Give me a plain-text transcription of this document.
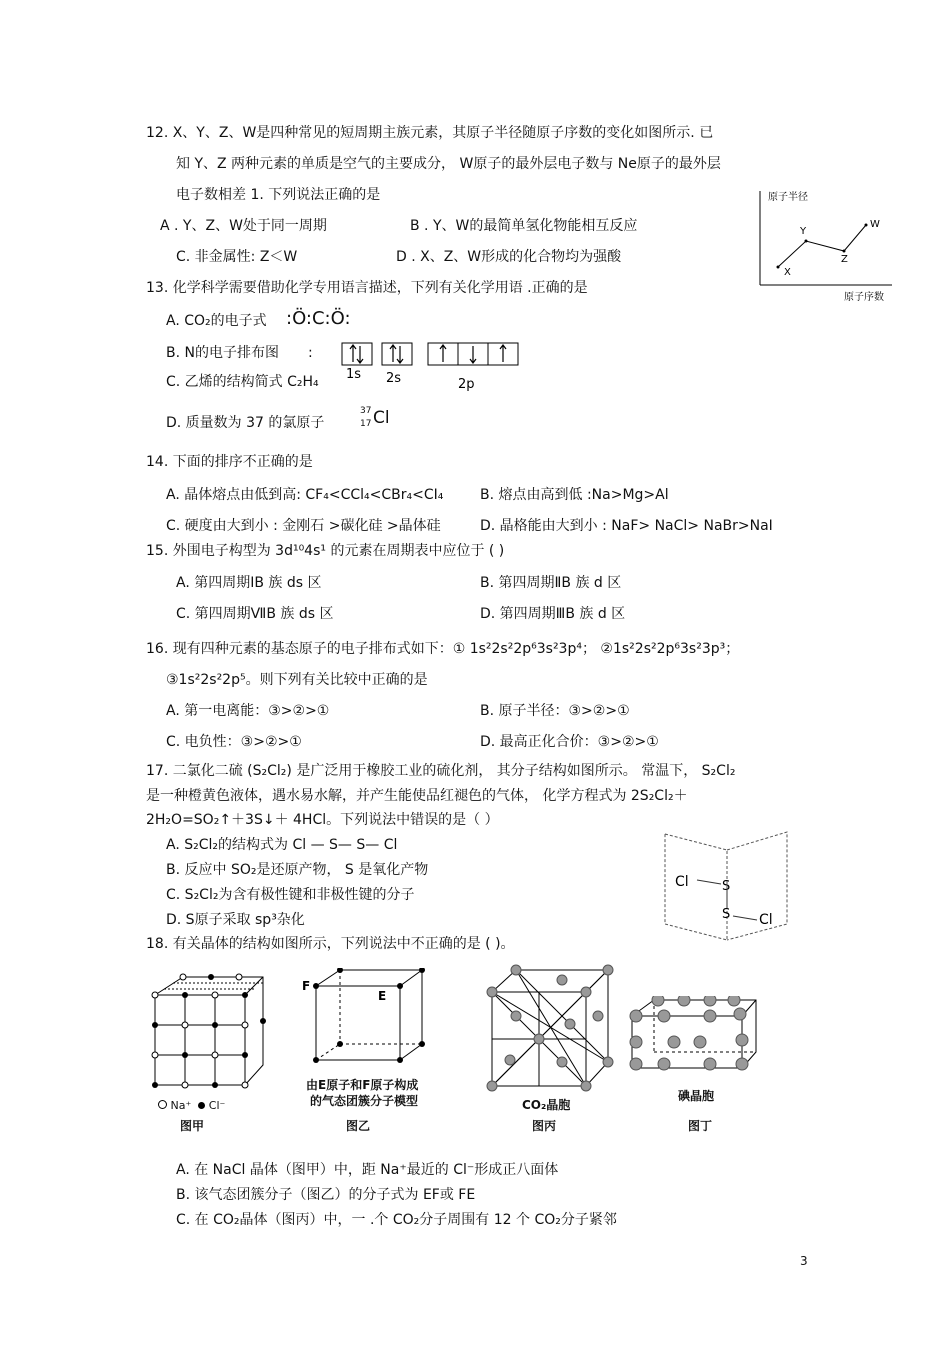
12. X、Y、Z、W是四种常见的短周期主族元素，其原子半径随原子序数的变化如图所示. 已
知 Y、Z 两种元素的单质是空气的主要成分， W原子的最外层电子数与 Ne原子的最外层
电子数相差 1. 下列说法正确的是
A . Y、Z、W处于同一周期	B . Y、W的最简单氢化物能相互反应
C. 非金属性: Z＜W	D . X、Z、W形成的化合物均为强酸
原子半径
原子序数
X
Y
Z
W
13. 化学科学需要借助化学专用语言描述，下列有关化学用语 .正确的是
A. CO₂的电子式 :Ö:C:Ö:
B. N的电子排布图 :
1s 2s	2p
C. 乙烯的结构简式 C₂H₄
D. 质量数为 37 的氯原子
37
17 Cl
14. 下面的排序不正确的是
A. 晶体熔点由低到高: CF₄<CCl₄<CBr₄<CI₄	B. 熔点由高到低 :Na>Mg>Al
C. 硬度由大到小 : 金刚石 >碳化硅 >晶体硅	D. 晶格能由大到小 : NaF> NaCl> NaBr>NaI
15. 外围电子构型为 3d¹⁰4s¹ 的元素在周期表中应位于 ( )
A. 第四周期ⅠB 族 ds 区	B. 第四周期ⅡB 族 d 区
C. 第四周期ⅦB 族 ds 区	D. 第四周期ⅢB 族 d 区
16. 现有四种元素的基态原子的电子排布式如下：① 1s²2s²2p⁶3s²3p⁴； ②1s²2s²2p⁶3s²3p³；
③1s²2s²2p⁵。则下列有关比较中正确的是
A. 第一电离能：③>②>①	B. 原子半径：③>②>①
C. 电负性：③>②>①	D. 最高正化合价：③>②>①
17. 二氯化二硫 (S₂Cl₂) 是广泛用于橡胶工业的硫化剂， 其分子结构如图所示。 常温下， S₂Cl₂
是一种橙黄色液体，遇水易水解，并产生能使品红褪色的气体， 化学方程式为 2S₂Cl₂＋
2H₂O=SO₂↑＋3S↓＋ 4HCl。下列说法中错误的是（ ）
A. S₂Cl₂的结构式为 Cl — S— S— Cl
B. 反应中 SO₂是还原产物， S 是氧化产物
C. S₂Cl₂为含有极性键和非极性键的分子
D. S原子采取 sp³杂化
Cl	S
S Cl
18. 有关晶体的结构如图所示，下列说法中不正确的是 ( )。
Na⁺ Cl⁻
图甲
F
E
由E原子和F原子构成
的气态团簇分子模型
图乙
CO₂晶胞
图丙
碘晶胞
图丁
A. 在 NaCl 晶体（图甲）中，距 Na⁺最近的 Cl⁻形成正八面体
B. 该气态团簇分子（图乙）的分子式为 EF或 FE
C. 在 CO₂晶体（图丙）中，一 .个 CO₂分子周围有 12 个 CO₂分子紧邻
3
